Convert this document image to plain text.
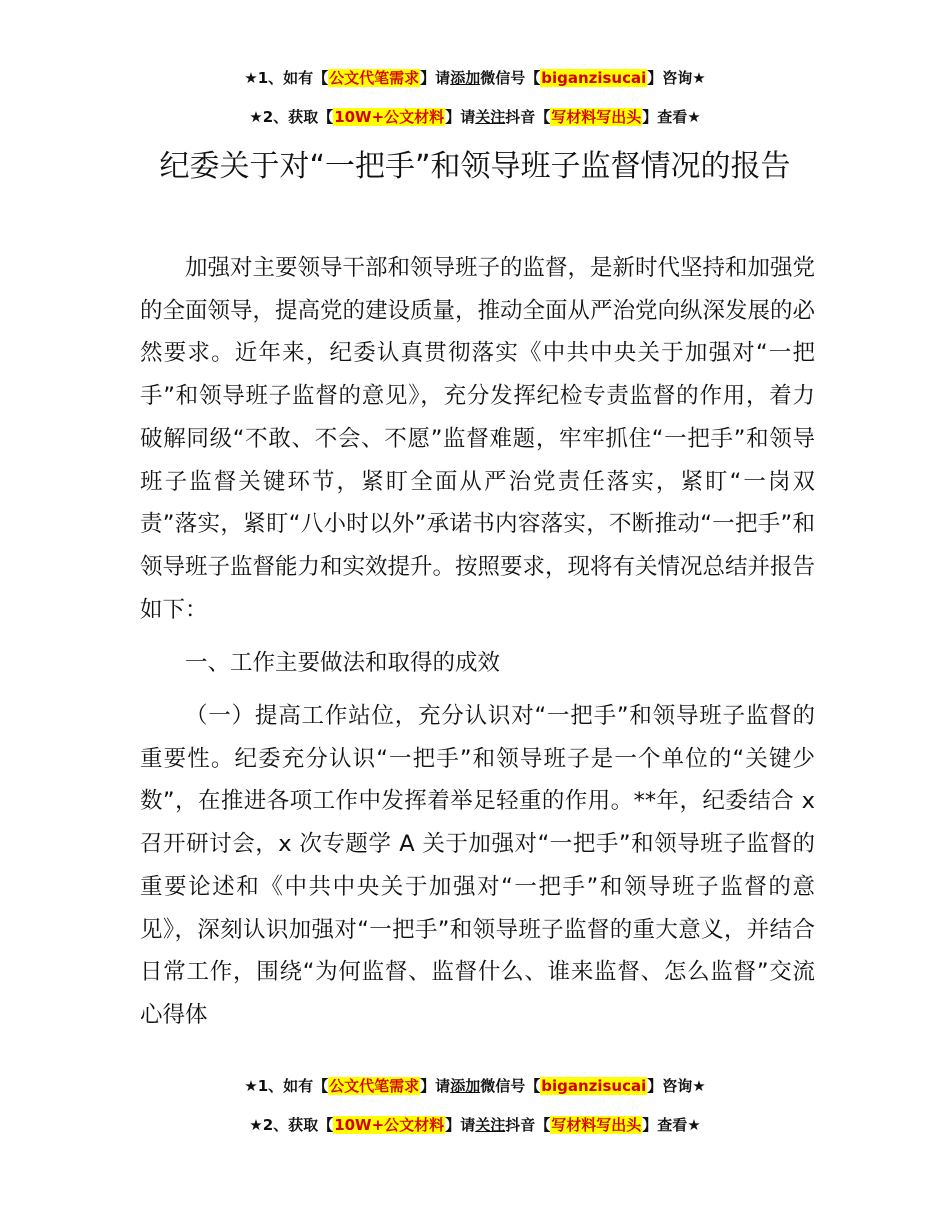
★1、如有【公文代笔需求】请添加微信号【biganzisucai】咨询★
★2、获取【10W+公文材料】请关注抖音【写材料写出头】查看★
纪委关于对“一把手”和领导班子监督情况的报告

加强对主要领导干部和领导班子的监督，是新时代坚持和加强党的全面领导，提高党的建设质量，推动全面从严治党向纵深发展的必然要求。近年来，纪委认真贯彻落实《中共中央关于加强对“一把手”和领导班子监督的意见》，充分发挥纪检专责监督的作用，着力破解同级“不敢、不会、不愿”监督难题，牢牢抓住“一把手”和领导班子监督关键环节，紧盯全面从严治党责任落实，紧盯“一岗双责”落实，紧盯“八小时以外”承诺书内容落实，不断推动“一把手”和领导班子监督能力和实效提升。按照要求，现将有关情况总结并报告如下：

一、工作主要做法和取得的成效

（一）提高工作站位，充分认识对“一把手”和领导班子监督的重要性。纪委充分认识“一把手”和领导班子是一个单位的“关键少数”，在推进各项工作中发挥着举足轻重的作用。**年，纪委结合 x 召开研讨会，x 次专题学 A 关于加强对“一把手”和领导班子监督的重要论述和《中共中央关于加强对“一把手”和领导班子监督的意见》，深刻认识加强对“一把手”和领导班子监督的重大意义，并结合日常工作，围绕“为何监督、监督什么、谁来监督、怎么监督”交流心得体

★1、如有【公文代笔需求】请添加微信号【biganzisucai】咨询★
★2、获取【10W+公文材料】请关注抖音【写材料写出头】查看★
